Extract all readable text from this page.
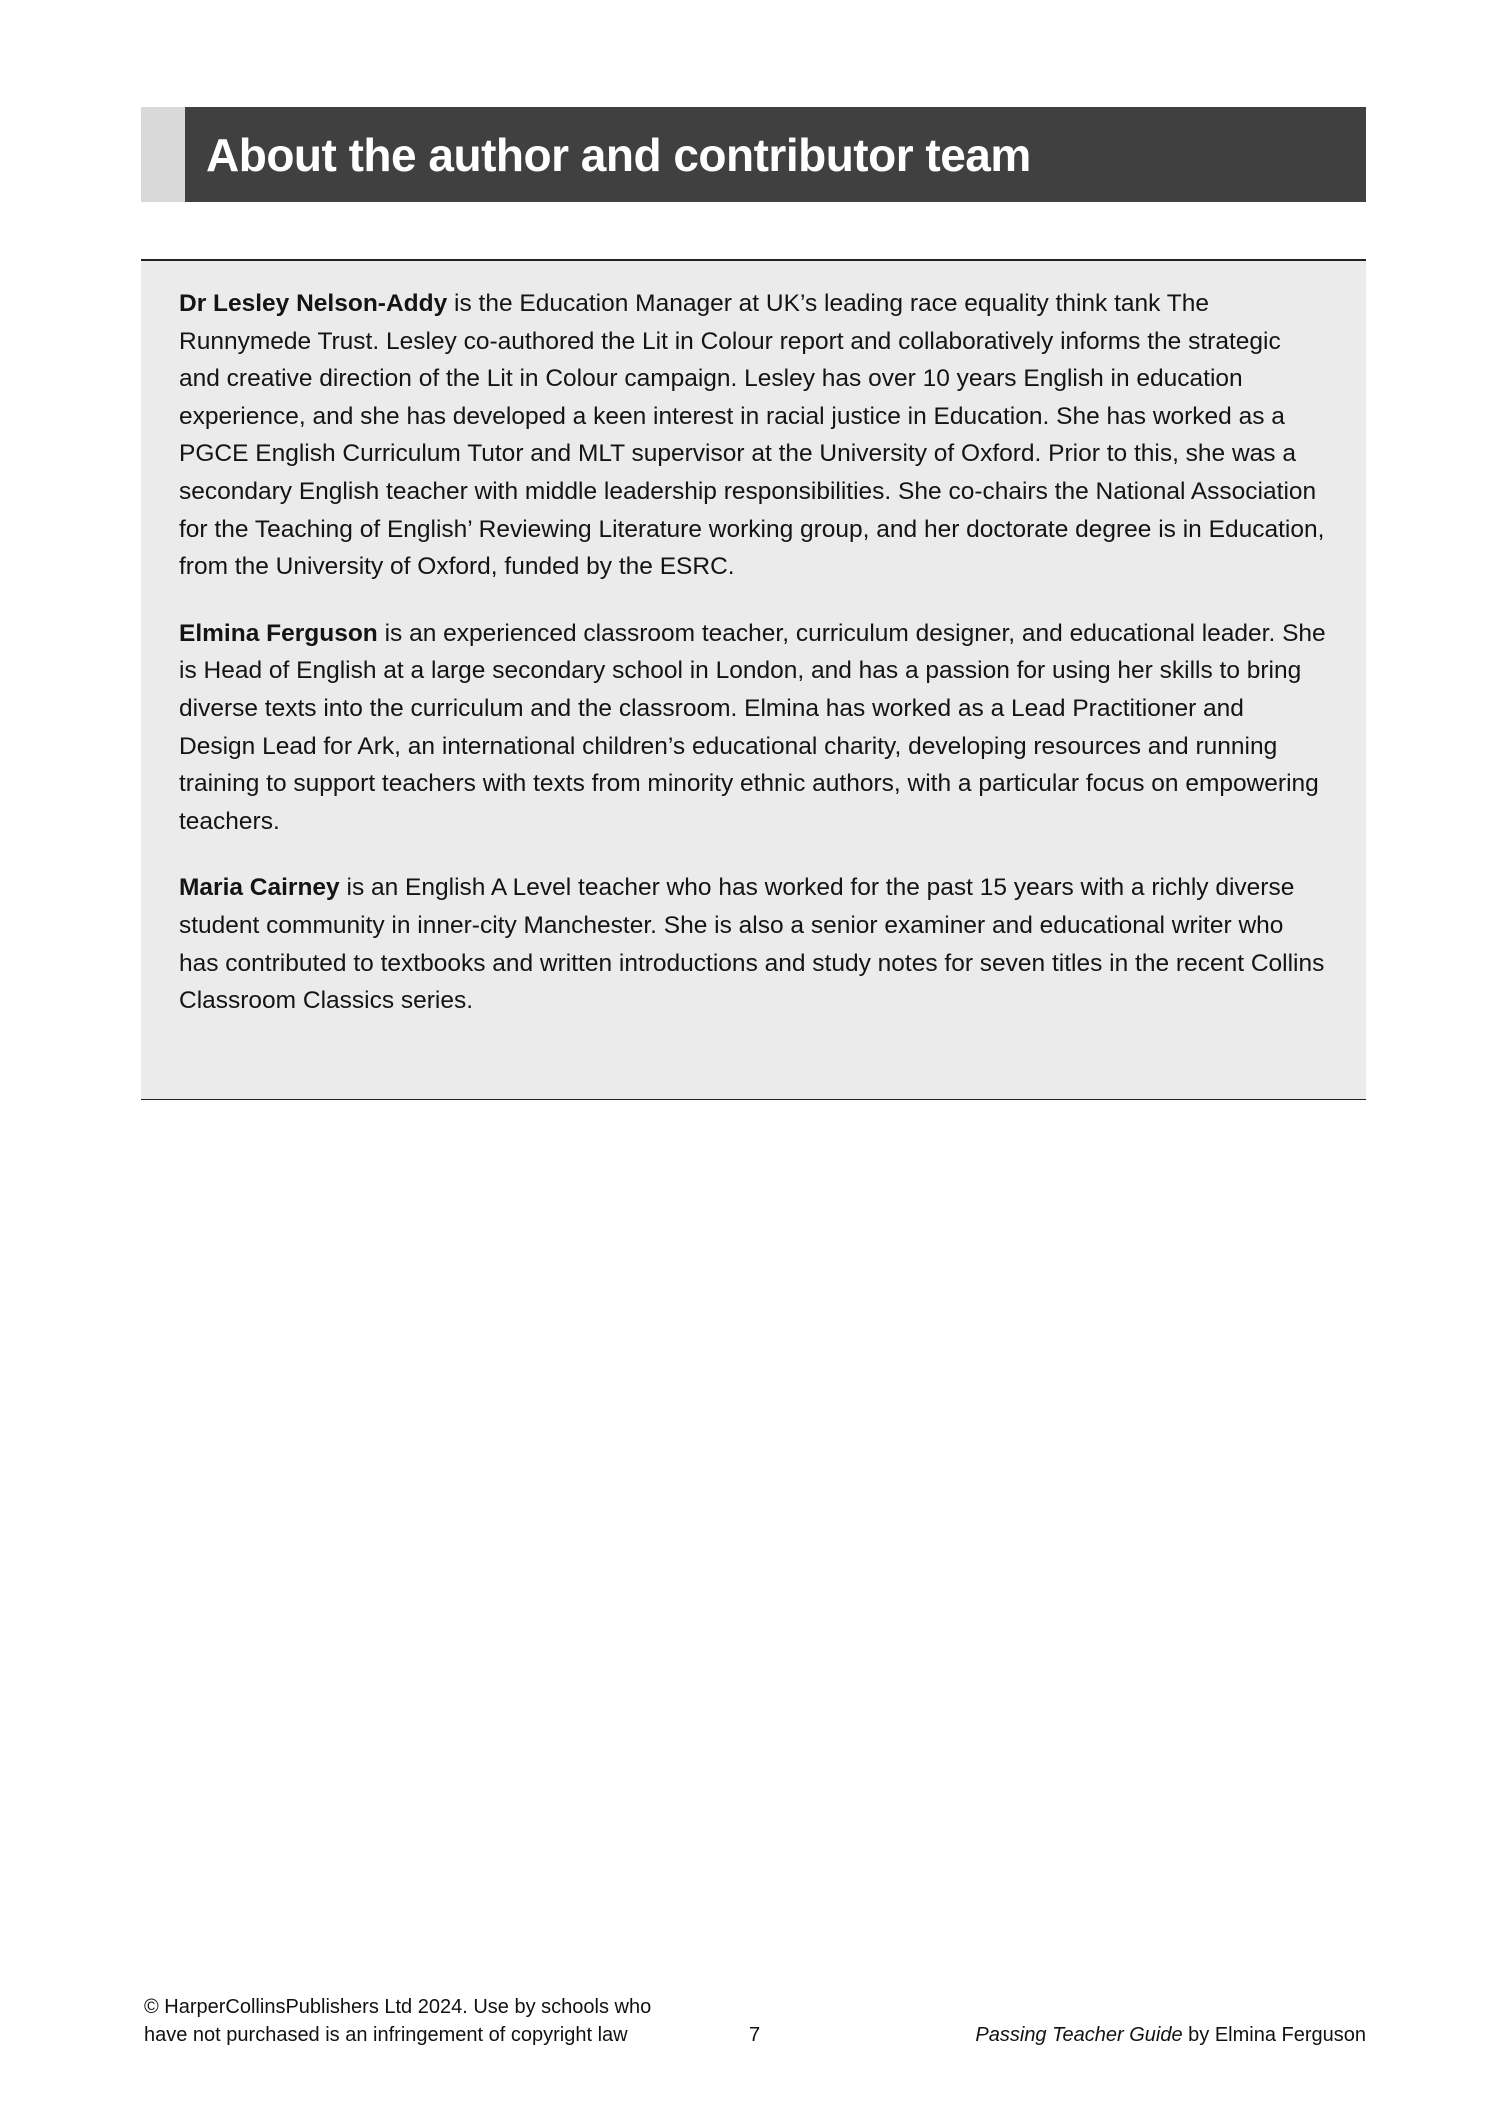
About the author and contributor team

Dr Lesley Nelson-Addy is the Education Manager at UK’s leading race equality think tank The Runnymede Trust. Lesley co-authored the Lit in Colour report and collaboratively informs the strategic and creative direction of the Lit in Colour campaign. Lesley has over 10 years English in education experience, and she has developed a keen interest in racial justice in Education. She has worked as a PGCE English Curriculum Tutor and MLT supervisor at the University of Oxford. Prior to this, she was a secondary English teacher with middle leadership responsibilities. She co-chairs the National Association for the Teaching of English’ Reviewing Literature working group, and her doctorate degree is in Education, from the University of Oxford, funded by the ESRC.

Elmina Ferguson is an experienced classroom teacher, curriculum designer, and educational leader. She is Head of English at a large secondary school in London, and has a passion for using her skills to bring diverse texts into the curriculum and the classroom. Elmina has worked as a Lead Practitioner and Design Lead for Ark, an international children’s educational charity, developing resources and running training to support teachers with texts from minority ethnic authors, with a particular focus on empowering teachers.

Maria Cairney is an English A Level teacher who has worked for the past 15 years with a richly diverse student community in inner-city Manchester. She is also a senior examiner and educational writer who has contributed to textbooks and written introductions and study notes for seven titles in the recent Collins Classroom Classics series.

© HarperCollinsPublishers Ltd 2024. Use by schools who
have not purchased is an infringement of copyright law	7	Passing Teacher Guide by Elmina Ferguson
